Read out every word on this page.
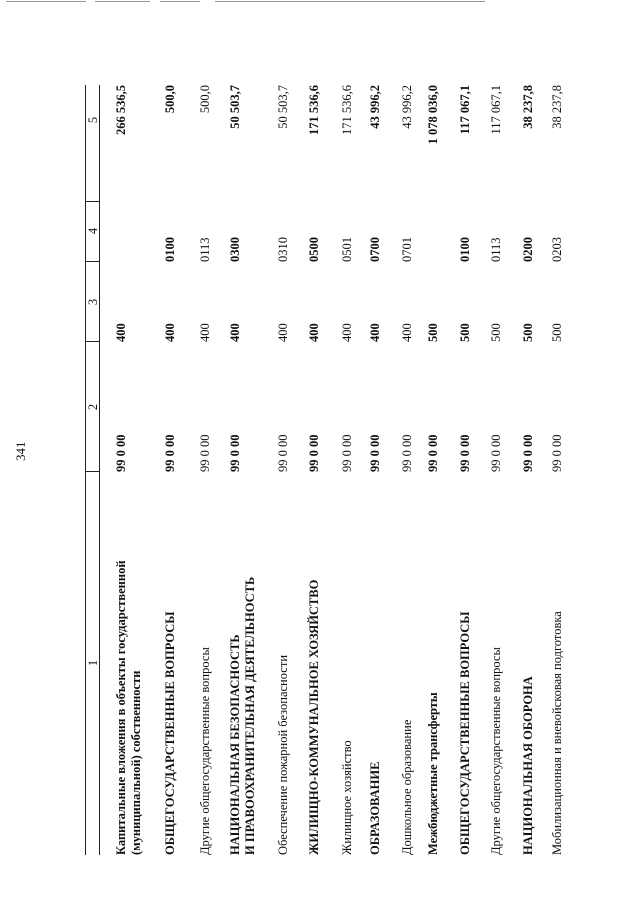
341
1
2
3
4
5
Капитальные вложения в объекты государственной (муниципальной) собственности
99 0 00
400
266 536,5
ОБЩЕГОСУДАРСТВЕННЫЕ ВОПРОСЫ
99 0 00
400
0100
500,0
Другие общегосударственные вопросы
99 0 00
400
0113
500,0
НАЦИОНАЛЬНАЯ БЕЗОПАСНОСТЬ И ПРАВООХРАНИТЕЛЬНАЯ ДЕЯТЕЛЬНОСТЬ
99 0 00
400
0300
50 503,7
Обеспечение пожарной безопасности
99 0 00
400
0310
50 503,7
ЖИЛИЩНО-КОММУНАЛЬНОЕ ХОЗЯЙСТВО
99 0 00
400
0500
171 536,6
Жилищное хозяйство
99 0 00
400
0501
171 536,6
ОБРАЗОВАНИЕ
99 0 00
400
0700
43 996,2
Дошкольное образование
99 0 00
400
0701
43 996,2
Межбюджетные трансферты
99 0 00
500
1 078 036,0
ОБЩЕГОСУДАРСТВЕННЫЕ ВОПРОСЫ
99 0 00
500
0100
117 067,1
Другие общегосударственные вопросы
99 0 00
500
0113
117 067,1
НАЦИОНАЛЬНАЯ ОБОРОНА
99 0 00
500
0200
38 237,8
Мобилизационная и вневойсковая подготовка
99 0 00
500
0203
38 237,8
